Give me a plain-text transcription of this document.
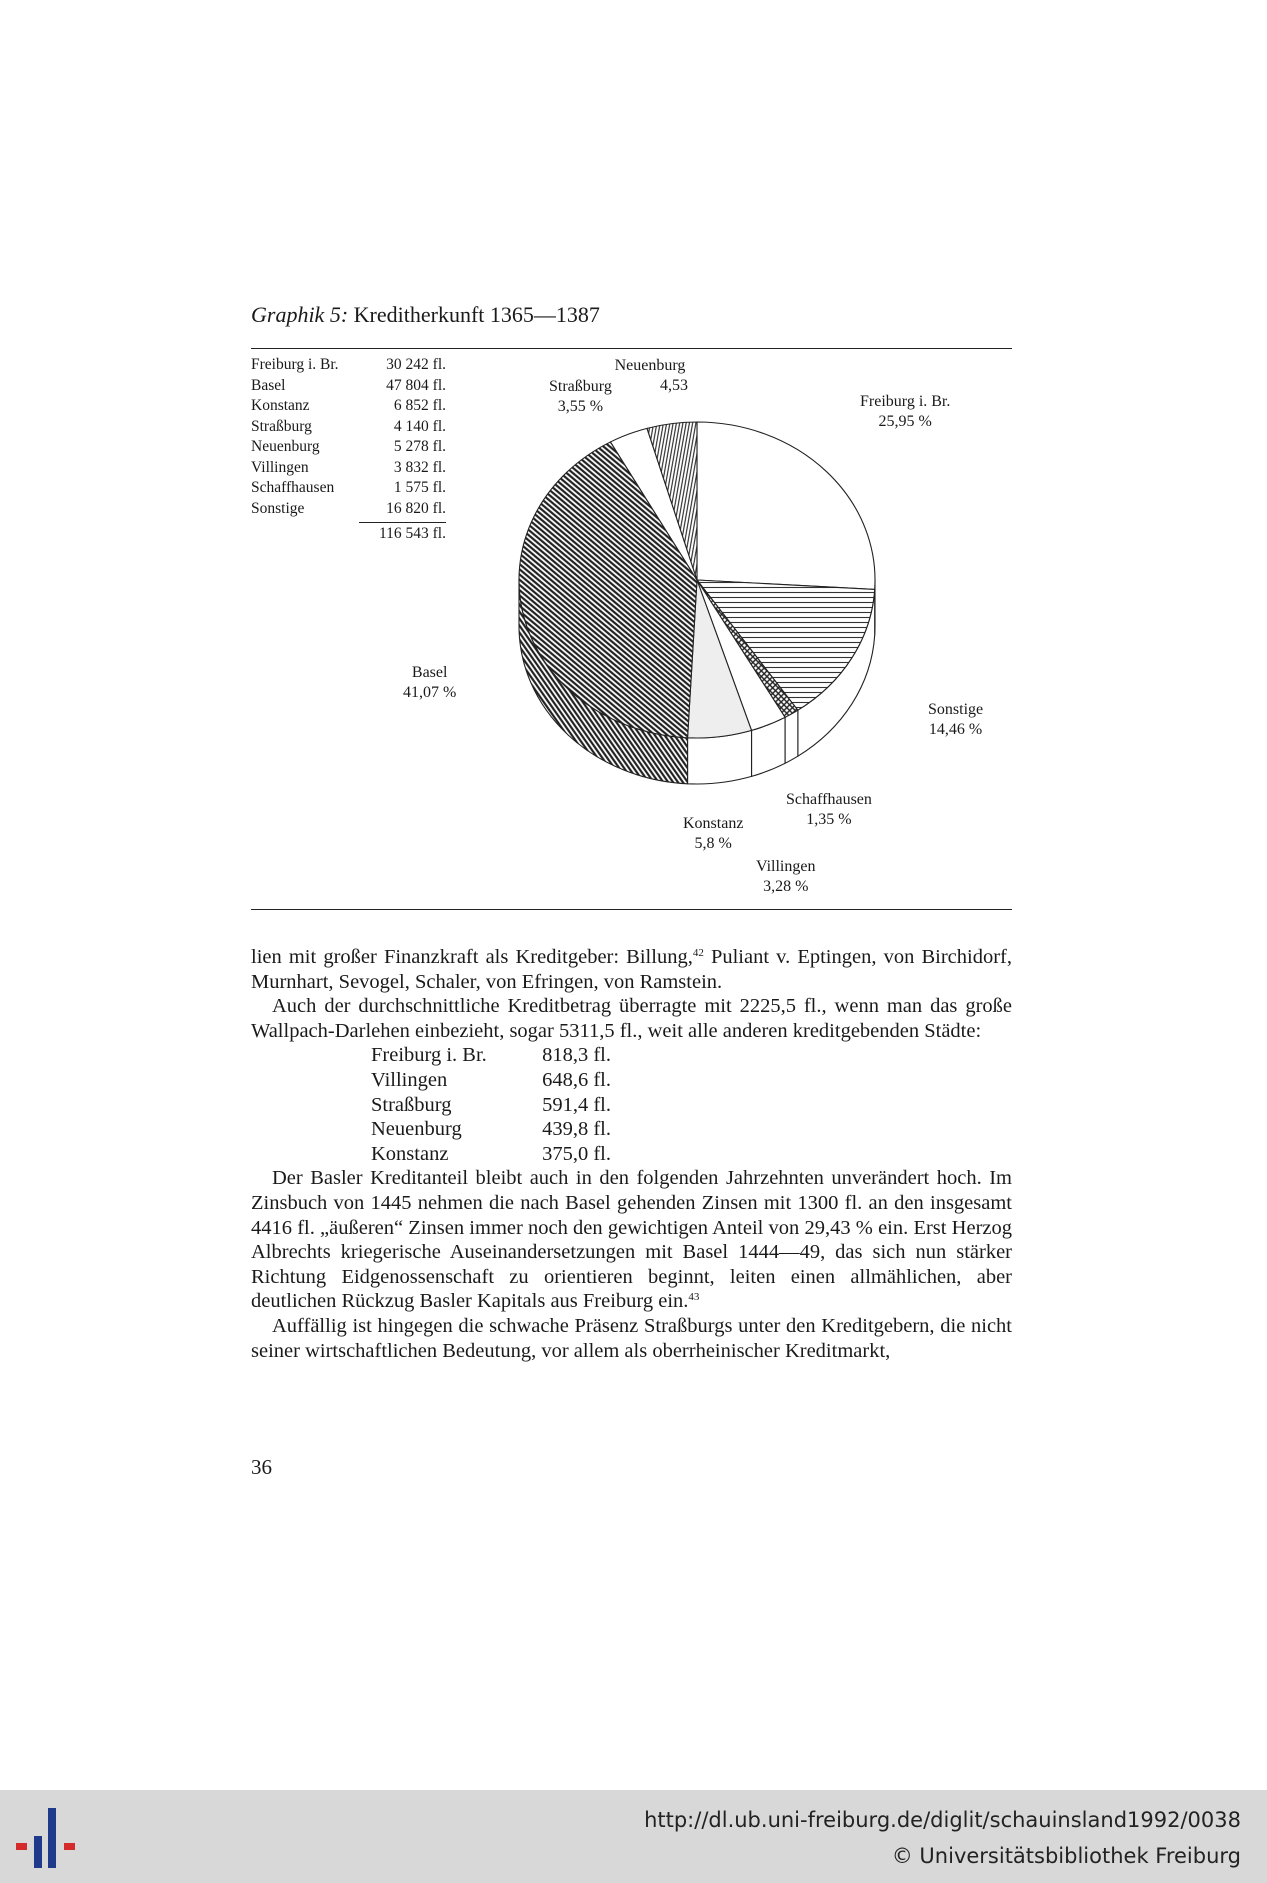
Graphik 5: Kreditherkunft 1365—1387
Freiburg i. Br.	30 242 fl.
Basel	47 804 fl.
Konstanz	6 852 fl.
Straßburg	4 140 fl.
Neuenburg	5 278 fl.
Villingen	3 832 fl.
Schaffhausen	1 575 fl.
Sonstige	16 820 fl.
116 543 fl.
Neuenburg
4,53
Straßburg
3,55 %	Freiburg i. Br.
25,95 %
Basel
41,07 %
Sonstige
14,46 %
Schaffhausen
1,35 %
Konstanz
5,8 %
Villingen
3,28 %

lien mit großer Finanzkraft als Kreditgeber: Billung,$^{42}$ Puliant v. Eptingen, von Birchidorf, Murnhart, Sevogel, Schaler, von Efringen, von Ramstein.

Auch der durchschnittliche Kreditbetrag überragte mit 2225,5 fl., wenn man das große Wallpach-Darlehen einbezieht, sogar 5311,5 fl., weit alle anderen kreditgebenden Städte:

Freiburg i. Br.	818,3 fl.
Villingen	648,6 fl.
Straßburg	591,4 fl.
Neuenburg	439,8 fl.
Konstanz	375,0 fl.

Der Basler Kreditanteil bleibt auch in den folgenden Jahrzehnten unverändert hoch. Im Zinsbuch von 1445 nehmen die nach Basel gehenden Zinsen mit 1300 fl. an den insgesamt 4416 fl. „äußeren“ Zinsen immer noch den gewichtigen Anteil von 29,43 % ein. Erst Herzog Albrechts kriegerische Auseinandersetzungen mit Basel 1444—49, das sich nun stärker Richtung Eidgenossenschaft zu orientieren beginnt, leiten einen allmählichen, aber deutlichen Rückzug Basler Kapitals aus Freiburg ein.$^{43}$

Auffällig ist hingegen die schwache Präsenz Straßburgs unter den Kreditgebern, die nicht seiner wirtschaftlichen Bedeutung, vor allem als oberrheinischer Kreditmarkt,

36
http://dl.ub.uni-freiburg.de/diglit/schauinsland1992/0038
© Universitätsbibliothek Freiburg
